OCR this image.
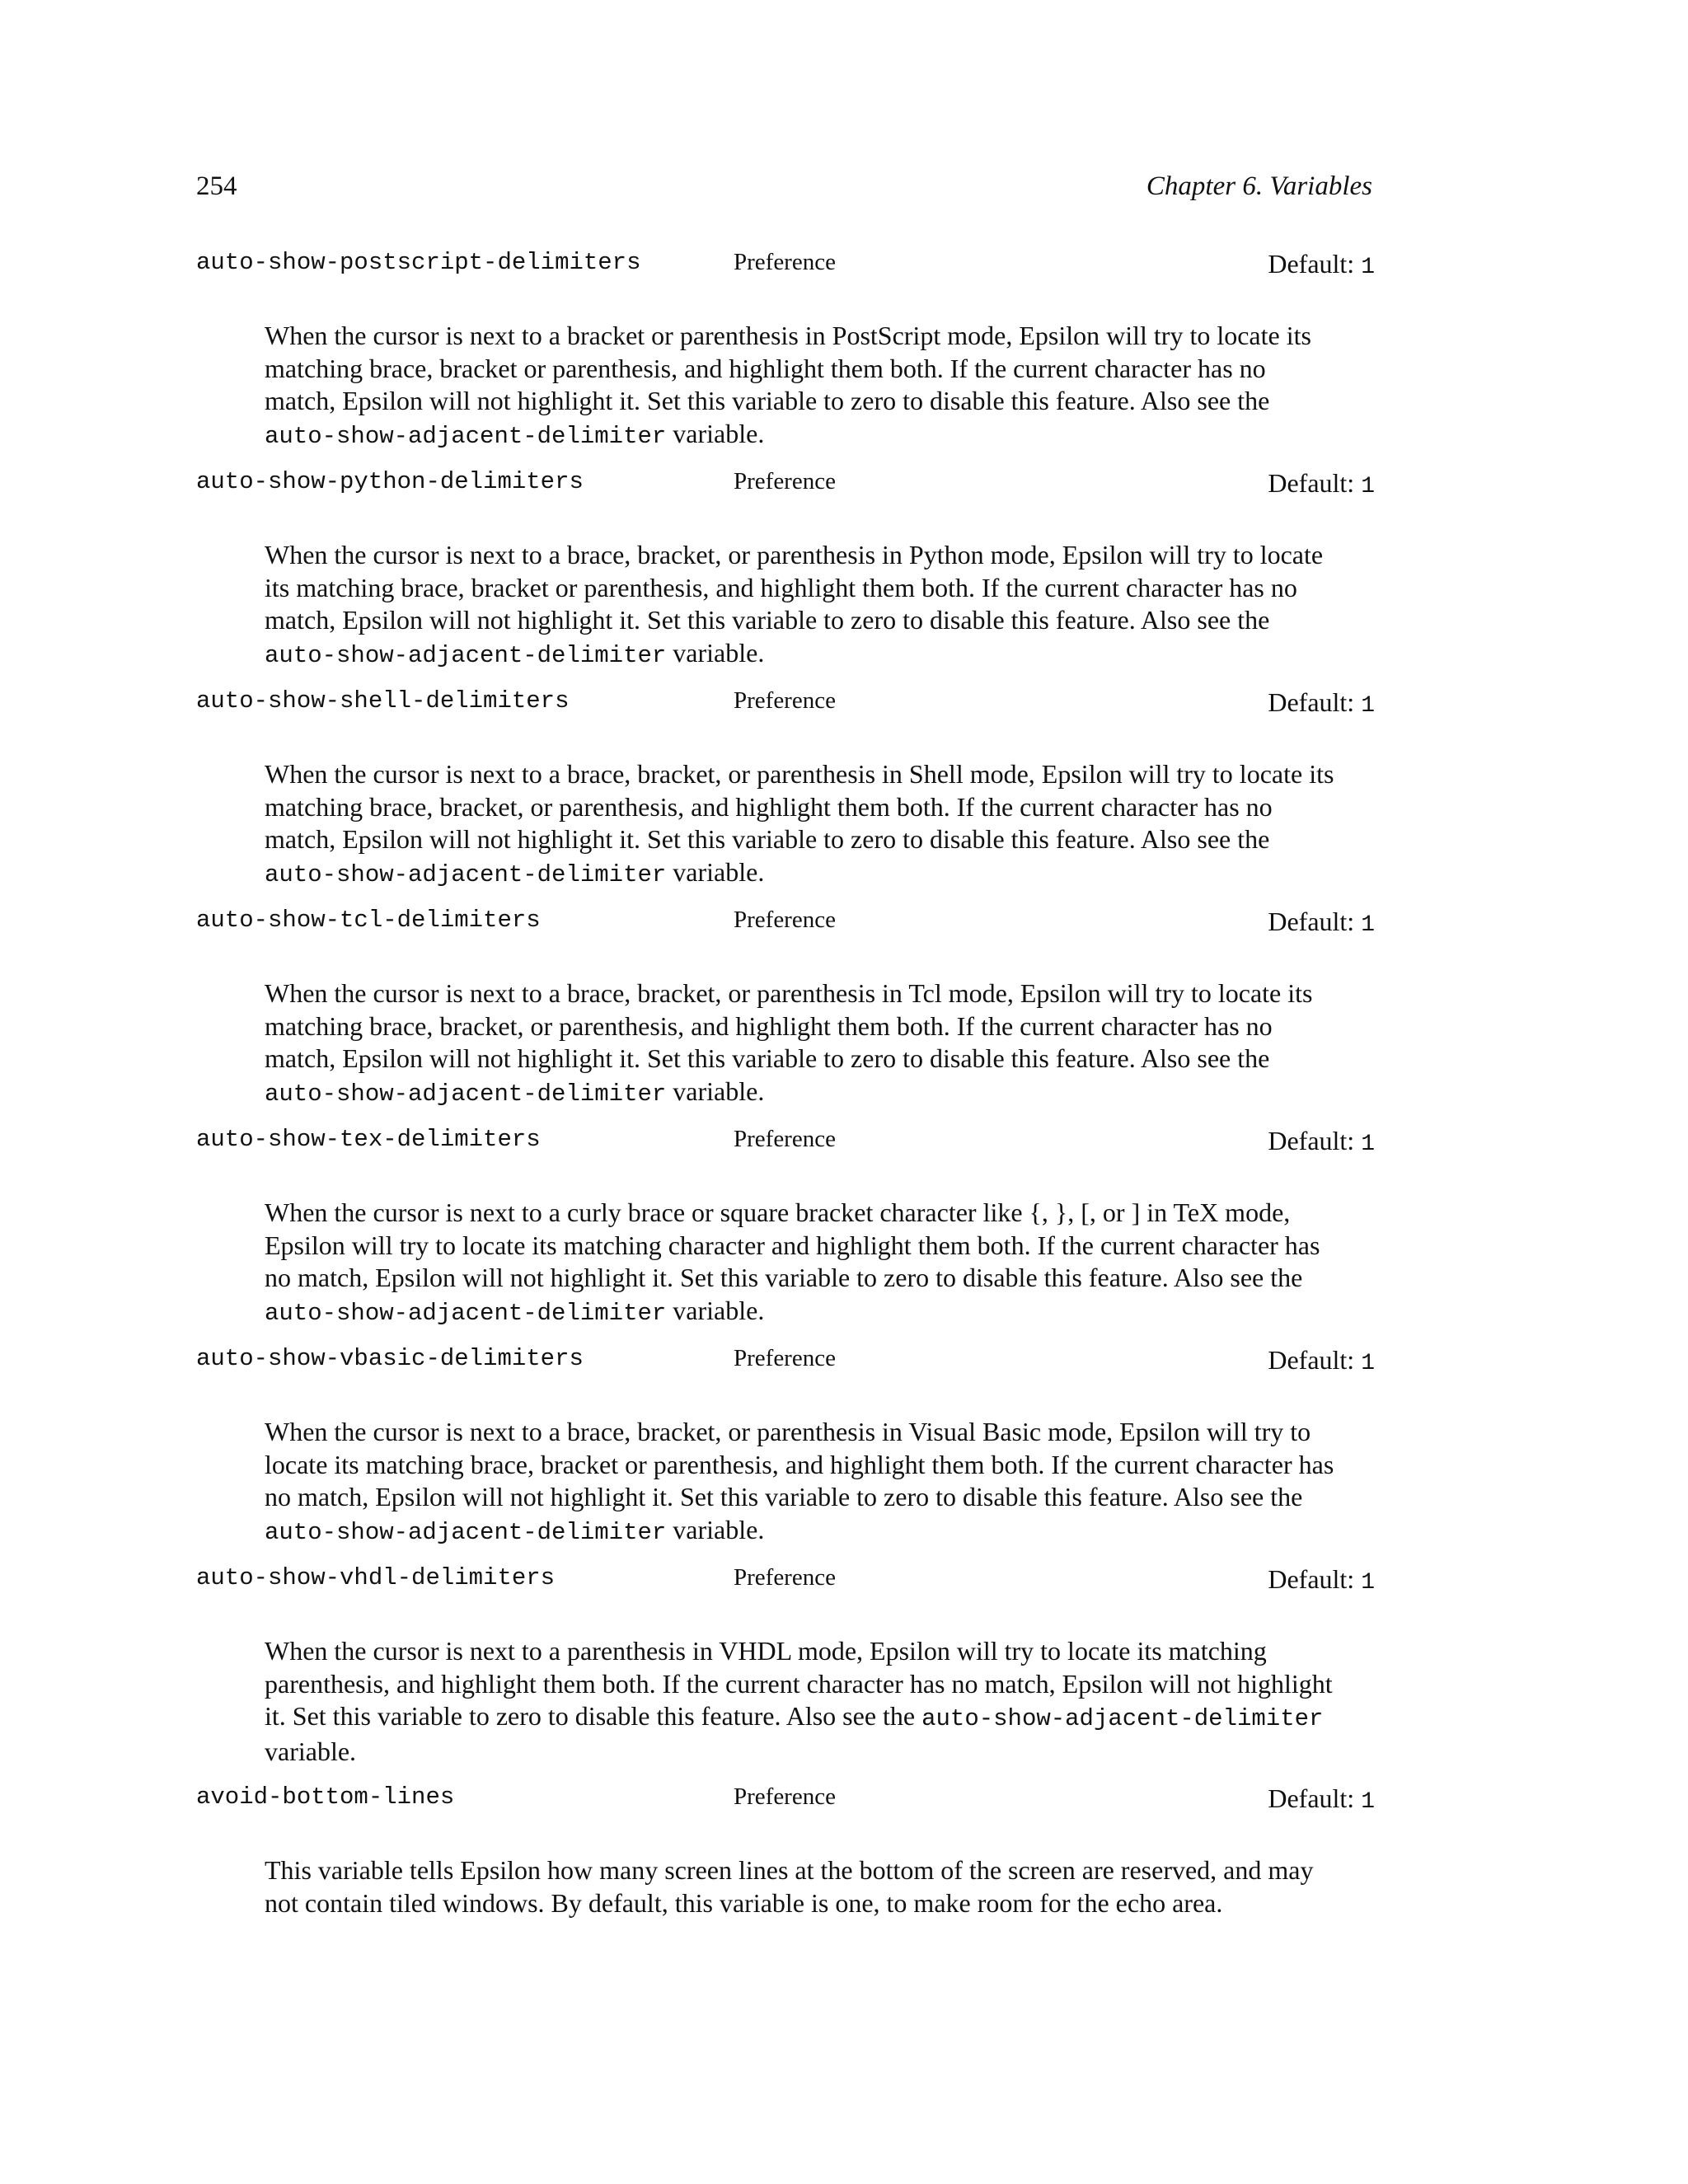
254	Chapter 6. Variables
auto-show-postscript-delimiters	Preference	Default: 1
When the cursor is next to a bracket or parenthesis in PostScript mode, Epsilon will try to locate its matching brace, bracket or parenthesis, and highlight them both. If the current character has no match, Epsilon will not highlight it. Set this variable to zero to disable this feature. Also see the auto-show-adjacent-delimiter variable.
auto-show-python-delimiters	Preference	Default: 1
When the cursor is next to a brace, bracket, or parenthesis in Python mode, Epsilon will try to locate its matching brace, bracket or parenthesis, and highlight them both. If the current character has no match, Epsilon will not highlight it. Set this variable to zero to disable this feature. Also see the auto-show-adjacent-delimiter variable.
auto-show-shell-delimiters	Preference	Default: 1
When the cursor is next to a brace, bracket, or parenthesis in Shell mode, Epsilon will try to locate its matching brace, bracket, or parenthesis, and highlight them both. If the current character has no match, Epsilon will not highlight it. Set this variable to zero to disable this feature. Also see the auto-show-adjacent-delimiter variable.
auto-show-tcl-delimiters	Preference	Default: 1
When the cursor is next to a brace, bracket, or parenthesis in Tcl mode, Epsilon will try to locate its matching brace, bracket, or parenthesis, and highlight them both. If the current character has no match, Epsilon will not highlight it. Set this variable to zero to disable this feature. Also see the auto-show-adjacent-delimiter variable.
auto-show-tex-delimiters	Preference	Default: 1
When the cursor is next to a curly brace or square bracket character like {, }, [, or ] in TeX mode, Epsilon will try to locate its matching character and highlight them both. If the current character has no match, Epsilon will not highlight it. Set this variable to zero to disable this feature. Also see the auto-show-adjacent-delimiter variable.
auto-show-vbasic-delimiters	Preference	Default: 1
When the cursor is next to a brace, bracket, or parenthesis in Visual Basic mode, Epsilon will try to locate its matching brace, bracket or parenthesis, and highlight them both. If the current character has no match, Epsilon will not highlight it. Set this variable to zero to disable this feature. Also see the auto-show-adjacent-delimiter variable.
auto-show-vhdl-delimiters	Preference	Default: 1
When the cursor is next to a parenthesis in VHDL mode, Epsilon will try to locate its matching parenthesis, and highlight them both. If the current character has no match, Epsilon will not highlight it. Set this variable to zero to disable this feature. Also see the auto-show-adjacent-delimiter variable.
avoid-bottom-lines	Preference	Default: 1
This variable tells Epsilon how many screen lines at the bottom of the screen are reserved, and may not contain tiled windows. By default, this variable is one, to make room for the echo area.
